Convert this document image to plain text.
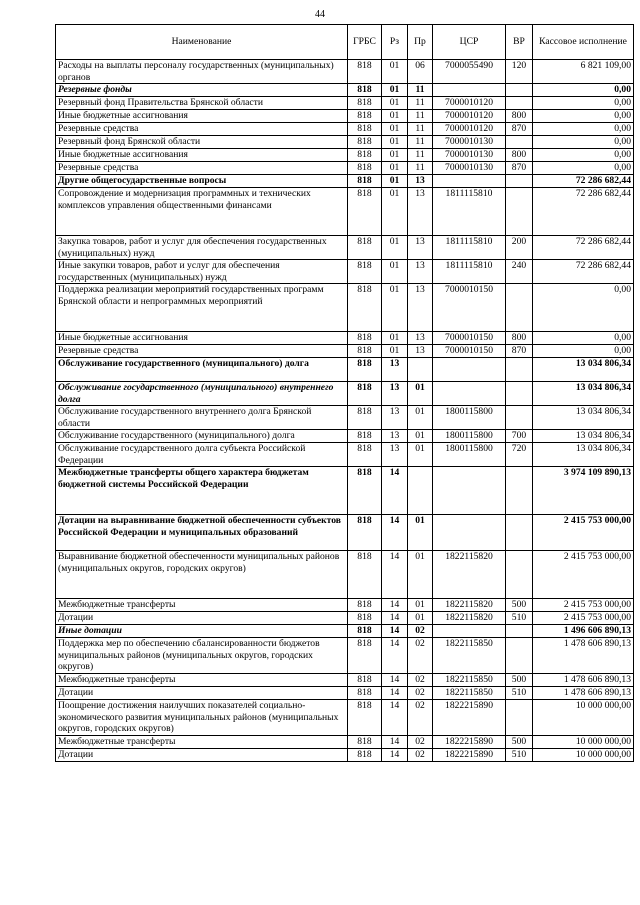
44
Наименование	ГРБС	Рз	Пр	ЦСР	ВР	Кассовое исполнение
Расходы на выплаты персоналу государственных (муниципальных) органов	818	01	06	7000055490	120	6 821 109,00
Резервные фонды	818	01	11			0,00
Резервный фонд Правительства Брянской области	818	01	11	7000010120		0,00
Иные бюджетные ассигнования	818	01	11	7000010120	800	0,00
Резервные средства	818	01	11	7000010120	870	0,00
Резервный фонд Брянской области	818	01	11	7000010130		0,00
Иные бюджетные ассигнования	818	01	11	7000010130	800	0,00
Резервные средства	818	01	11	7000010130	870	0,00
Другие общегосударственные вопросы	818	01	13			72 286 682,44
Сопровождение и модернизация программных и технических комплексов управления общественными финансами	818	01	13	1811115810		72 286 682,44
Закупка товаров, работ и услуг для обеспечения государственных (муниципальных) нужд	818	01	13	1811115810	200	72 286 682,44
Иные закупки товаров, работ и услуг для обеспечения государственных (муниципальных) нужд	818	01	13	1811115810	240	72 286 682,44
Поддержка реализации мероприятий государственных программ Брянской области и непрограммных мероприятий	818	01	13	7000010150		0,00
Иные бюджетные ассигнования	818	01	13	7000010150	800	0,00
Резервные средства	818	01	13	7000010150	870	0,00
Обслуживание государственного (муниципального) долга	818	13				13 034 806,34
Обслуживание государственного (муниципального) внутреннего долга	818	13	01			13 034 806,34
Обслуживание государственного внутреннего долга Брянской области	818	13	01	1800115800		13 034 806,34
Обслуживание государственного (муниципального) долга	818	13	01	1800115800	700	13 034 806,34
Обслуживание государственного долга субъекта Российской Федерации	818	13	01	1800115800	720	13 034 806,34
Межбюджетные трансферты общего характера бюджетам бюджетной системы Российской Федерации	818	14				3 974 109 890,13
Дотации на выравнивание бюджетной обеспеченности субъектов Российской Федерации и муниципальных образований	818	14	01			2 415 753 000,00
Выравнивание бюджетной обеспеченности муниципальных районов (муниципальных округов, городских округов)	818	14	01	1822115820		2 415 753 000,00
Межбюджетные трансферты	818	14	01	1822115820	500	2 415 753 000,00
Дотации	818	14	01	1822115820	510	2 415 753 000,00
Иные дотации	818	14	02			1 496 606 890,13
Поддержка мер по обеспечению сбалансированности бюджетов муниципальных районов (муниципальных округов, городских округов)	818	14	02	1822115850		1 478 606 890,13
Межбюджетные трансферты	818	14	02	1822115850	500	1 478 606 890,13
Дотации	818	14	02	1822115850	510	1 478 606 890,13
Поощрение достижения наилучших показателей социально-экономического развития муниципальных районов (муниципальных округов, городских округов)	818	14	02	1822215890		10 000 000,00
Межбюджетные трансферты	818	14	02	1822215890	500	10 000 000,00
Дотации	818	14	02	1822215890	510	10 000 000,00
